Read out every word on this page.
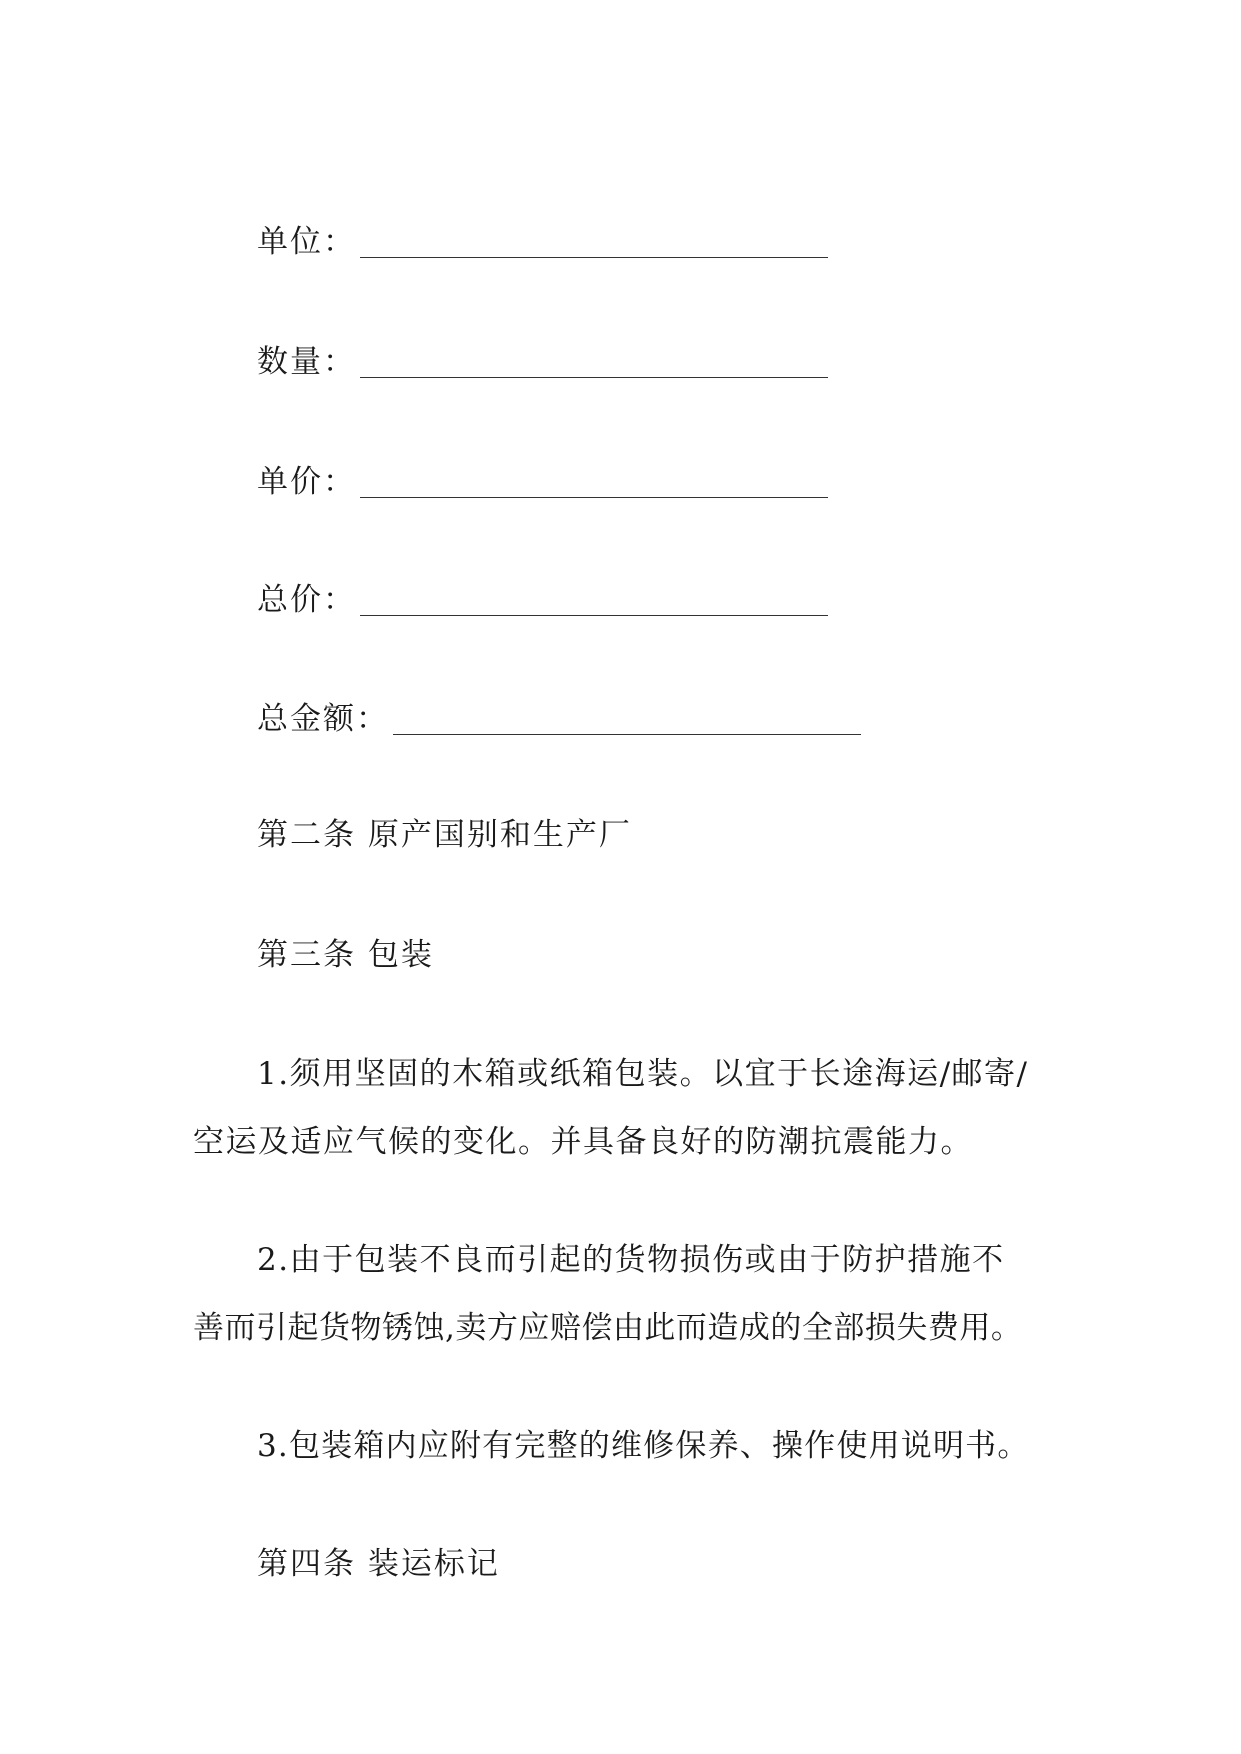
单位：
数量：
单价：
总价：
总金额：
第二条 原产国别和生产厂
第三条 包装
1.须用坚固的木箱或纸箱包装。以宜于长途海运/邮寄/
空运及适应气候的变化。并具备良好的防潮抗震能力。
2.由于包装不良而引起的货物损伤或由于防护措施不
善而引起货物锈蚀,卖方应赔偿由此而造成的全部损失费用。
3.包装箱内应附有完整的维修保养、操作使用说明书。
第四条 装运标记
